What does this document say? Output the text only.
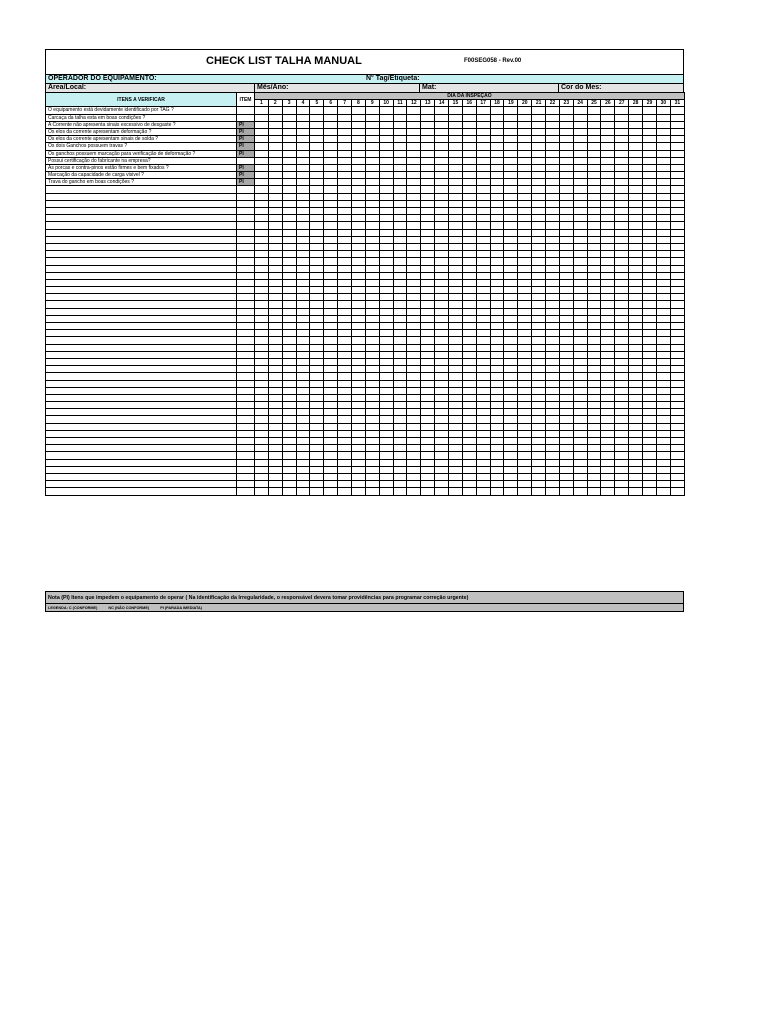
CHECK LIST TALHA MANUAL	F00SEG058 - Rev.00
OPERADOR DO EQUIPAMENTO:	N° Tag/Etiqueta:
Area/Local:	Mês/Ano:	Mat:	Cor do Mes:
ITENS A VERIFICAR	ITEM	DIA DA INSPEÇÃO																														
		1	2	3	4	5	6	7	8	9	10	11	12	13	14	15	16	17	18	19	20	21	22	23	24	25	26	27	28	29	30	31
O equipamento está devidamente identificado por TAG ?																																
Carcaça da talha esta em boas condições ?																																
A Corrente não apresenta sinais excessivo de desgaste ?	PI																															
Os elos da corrente apresentam deformação ?	PI																															
Os elos da corrente apresentam sinais de solda ?	PI																															
Os dois Ganchos possuem travas ?	PI																															
Os ganchos possuem marcação para verificação de deformação ?	PI																															
Possui certificação do fabricante na empresa?																																
As porcas e contra-pinos estão firmes e bem fixados ?	PI																															
Marcação da capacidade de carga visivel ?	PI																															
Trava do gancho em boas condições ?	PI																															

Nota (PI) Itens que impedem o equipamento de operar ( Na identificação da Irregularidade, o responsável devera tomar providências para programar correção urgente)
LEGENDA: C (CONFORME)	NC (NÃO CONFORME)	PI (PARADA IMEDIATA)
